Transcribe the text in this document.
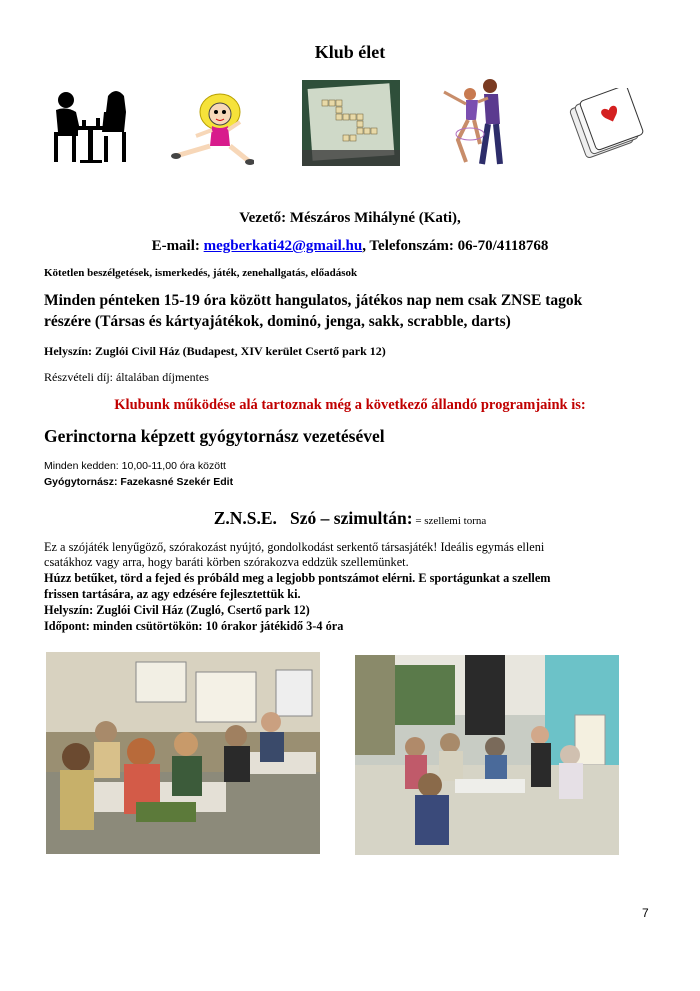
Klub élet
Vezető: Mészáros Mihályné (Kati),
E-mail: megberkati42@gmail.hu, Telefonszám: 06-70/4118768
Kötetlen beszélgetések, ismerkedés, játék, zenehallgatás, előadások
Minden pénteken 15-19 óra között hangulatos, játékos nap nem csak ZNSE tagok
részére (Társas és kártyajátékok, dominó, jenga, sakk, scrabble, darts)
Helyszín: Zuglói Civil Ház (Budapest, XIV kerület Csertő park 12)
Részvételi díj: általában díjmentes
Klubunk működése alá tartoznak még a következő állandó programjaink is:
Gerinctorna képzett gyógytornász vezetésével
Minden kedden: 10,00-11,00 óra között
Gyógytornász: Fazekasné Szekér Edit
Z.N.S.E.   Szó – szimultán: = szellemi torna
Ez a szójáték lenyűgöző, szórakozást nyújtó, gondolkodást serkentő társasjáték! Ideális egymás elleni
csatákhoz vagy arra, hogy baráti körben szórakozva eddzük szellemünket.
Húzz betűket, törd a fejed és próbáld meg a legjobb pontszámot elérni. E sportágunkat a szellem
frissen tartására, az agy edzésére fejlesztettük ki.
Helyszín: Zuglói Civil Ház (Zugló, Csertő park 12)
Időpont: minden csütörtökön: 10 órakor játékidő 3-4 óra
7
